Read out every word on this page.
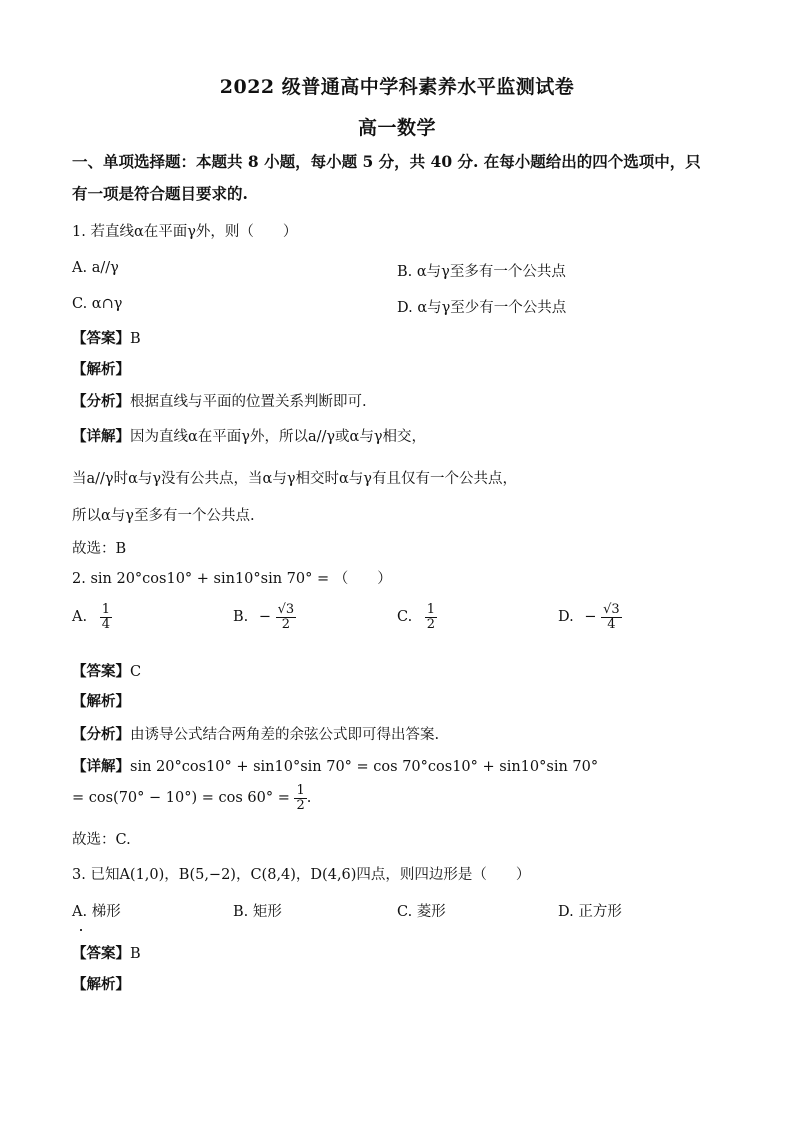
2022 级普通高中学科素养水平监测试卷
高一数学
一、单项选择题：本题共 8 小题，每小题 5 分，共 40 分. 在每小题给出的四个选项中，只
有一项是符合题目要求的.
1. 若直线α在平面γ外，则（　　）
A. a//γ	B. α与γ至多有一个公共点
C. α∩γ	D. α与γ至少有一个公共点
【答案】B
【解析】
【分析】根据直线与平面的位置关系判断即可.
【详解】因为直线α在平面γ外，所以a//γ或α与γ相交，
当a//γ时α与γ没有公共点，当α与γ相交时α与γ有且仅有一个公共点，
所以α与γ至多有一个公共点.
故选：B
2. sin 20°cos10° + sin10°sin 70° = （　　）
A. $\frac{1}{4}$	B. − $\frac{√3}{2}$	C. $\frac{1}{2}$	D. − $\frac{√3}{4}$
【答案】C
【解析】
【分析】由诱导公式结合两角差的余弦公式即可得出答案.
【详解】sin 20°cos10° + sin10°sin 70° = cos 70°cos10° + sin10°sin 70°
= $\cos(70^\circ - 10^\circ) = \cos 60^\circ = \frac{1}{2}$ .
故选：C.
3. 已知A(1,0)，B(5,−2)，C(8,4)，D(4,6)四点，则四边形是（　　）
A. 梯形	B. 矩形	C. 菱形	D. 正方形
【答案】B
【解析】
